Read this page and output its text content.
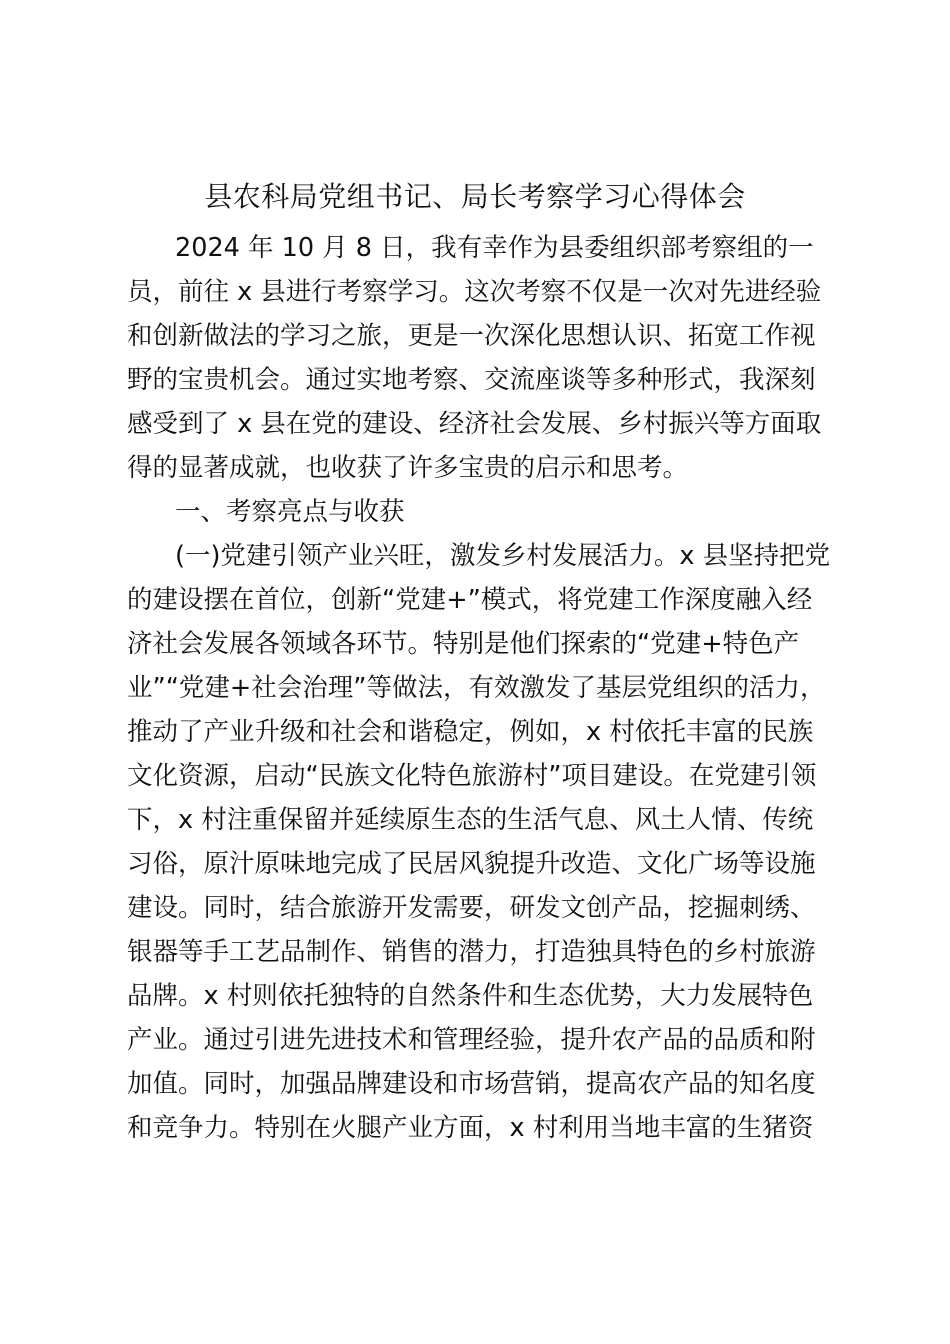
县农科局党组书记、局长考察学习心得体会
2024 年 10 月 8 日，我有幸作为县委组织部考察组的一
员，前往 x 县进行考察学习。这次考察不仅是一次对先进经验
和创新做法的学习之旅，更是一次深化思想认识、拓宽工作视
野的宝贵机会。通过实地考察、交流座谈等多种形式，我深刻
感受到了 x 县在党的建设、经济社会发展、乡村振兴等方面取
得的显著成就，也收获了许多宝贵的启示和思考。
一、考察亮点与收获
(一)党建引领产业兴旺，激发乡村发展活力。x 县坚持把党
的建设摆在首位，创新“党建+”模式，将党建工作深度融入经
济社会发展各领域各环节。特别是他们探索的“党建+特色产
业”“党建+社会治理”等做法，有效激发了基层党组织的活力，
推动了产业升级和社会和谐稳定，例如，x 村依托丰富的民族
文化资源，启动“民族文化特色旅游村”项目建设。在党建引领
下，x 村注重保留并延续原生态的生活气息、风土人情、传统
习俗，原汁原味地完成了民居风貌提升改造、文化广场等设施
建设。同时，结合旅游开发需要，研发文创产品，挖掘刺绣、
银器等手工艺品制作、销售的潜力，打造独具特色的乡村旅游
品牌。x 村则依托独特的自然条件和生态优势，大力发展特色
产业。通过引进先进技术和管理经验，提升农产品的品质和附
加值。同时，加强品牌建设和市场营销，提高农产品的知名度
和竞争力。特别在火腿产业方面，x 村利用当地丰富的生猪资
